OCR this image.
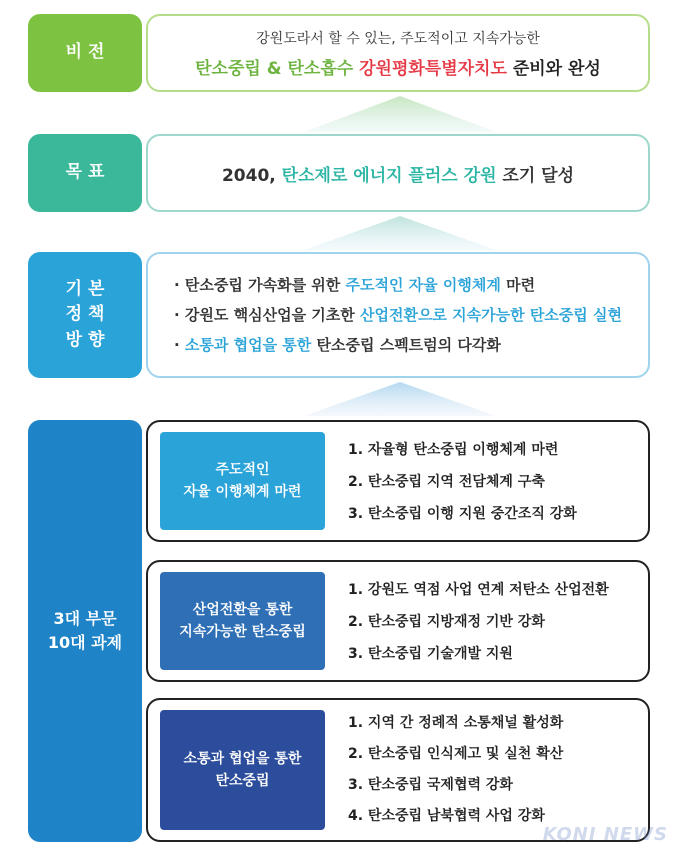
비 전
목 표
기 본
정 책
방 향
3대 부문
10대 과제
강원도라서 할 수 있는, 주도적이고 지속가능한
탄소중립 & 탄소흡수 강원평화특별자치도 준비와 완성
2040, 탄소제로 에너지 플러스 강원 조기 달성
· 탄소중립 가속화를 위한 주도적인 자율 이행체계 마련
· 강원도 핵심산업을 기초한 산업전환으로 지속가능한 탄소중립 실현
· 소통과 협업을 통한 탄소중립 스펙트럼의 다각화
주도적인
자율 이행체계 마련
1. 자율형 탄소중립 이행체계 마련
2. 탄소중립 지역 전담체계 구축
3. 탄소중립 이행 지원 중간조직 강화
산업전환을 통한
지속가능한 탄소중립
1. 강원도 역점 사업 연계 저탄소 산업전환
2. 탄소중립 지방재정 기반 강화
3. 탄소중립 기술개발 지원
소통과 협업을 통한
탄소중립
1. 지역 간 정례적 소통채널 활성화
2. 탄소중립 인식제고 및 실천 확산
3. 탄소중립 국제협력 강화
4. 탄소중립 남북협력 사업 강화
KONI NEWS
